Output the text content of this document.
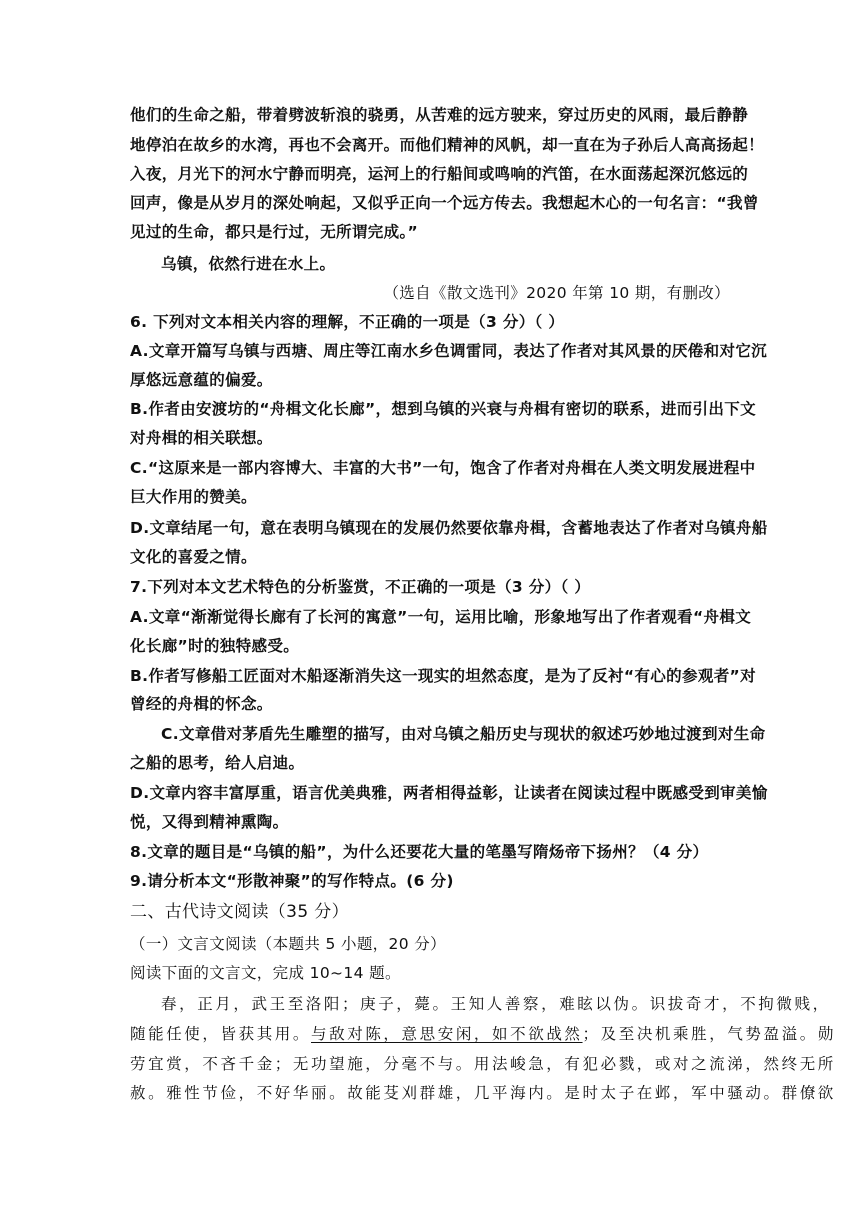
他们的生命之船，带着劈波斩浪的骁勇，从苦难的远方驶来，穿过历史的风雨，最后静静

地停泊在故乡的水湾，再也不会离开。而他们精神的风帆，却一直在为子孙后人高高扬起！

入夜，月光下的河水宁静而明亮，运河上的行船间或鸣响的汽笛，在水面荡起深沉悠远的

回声，像是从岁月的深处响起，又似乎正向一个远方传去。我想起木心的一句名言：“我曾

见过的生命，都只是行过，无所谓完成。”

乌镇，依然行进在水上。

（选自《散文选刊》2020 年第 10 期，有删改）

6. 下列对文本相关内容的理解，不正确的一项是（3 分）（ ）

A.文章开篇写乌镇与西塘、周庄等江南水乡色调雷同，表达了作者对其风景的厌倦和对它沉

厚悠远意蕴的偏爱。

B.作者由安渡坊的“舟楫文化长廊”，想到乌镇的兴衰与舟楫有密切的联系，进而引出下文

对舟楫的相关联想。

C.“这原来是一部内容博大、丰富的大书”一句，饱含了作者对舟楫在人类文明发展进程中

巨大作用的赞美。

D.文章结尾一句，意在表明乌镇现在的发展仍然要依靠舟楫，含蓄地表达了作者对乌镇舟船

文化的喜爱之情。

7.下列对本文艺术特色的分析鉴赏，不正确的一项是（3 分）（ ）

A.文章“渐渐觉得长廊有了长河的寓意”一句，运用比喻，形象地写出了作者观看“舟楫文

化长廊”时的独特感受。

B.作者写修船工匠面对木船逐渐消失这一现实的坦然态度，是为了反衬“有心的参观者”对

曾经的舟楫的怀念。

C.文章借对茅盾先生雕塑的描写，由对乌镇之船历史与现状的叙述巧妙地过渡到对生命

之船的思考，给人启迪。

D.文章内容丰富厚重，语言优美典雅，两者相得益彰，让读者在阅读过程中既感受到审美愉

悦，又得到精神熏陶。

8.文章的题目是“乌镇的船”，为什么还要花大量的笔墨写隋炀帝下扬州？（4 分）

9.请分析本文“形散神聚”的写作特点。(6 分)

二、古代诗文阅读（35 分）

（一）文言文阅读（本题共 5 小题，20 分）

阅读下面的文言文，完成 10~14 题。

春，正月，武王至洛阳；庚子，薨。王知人善察，难眩以伪。识拔奇才，不拘微贱，

随能任使，皆获其用。与敌对陈，意思安闲，如不欲战然；及至决机乘胜，气势盈溢。勋

劳宜赏，不吝千金；无功望施，分毫不与。用法峻急，有犯必戮，或对之流涕，然终无所

赦。雅性节俭，不好华丽。故能芟刈群雄，几平海内。是时太子在邺，军中骚动。群僚欲
